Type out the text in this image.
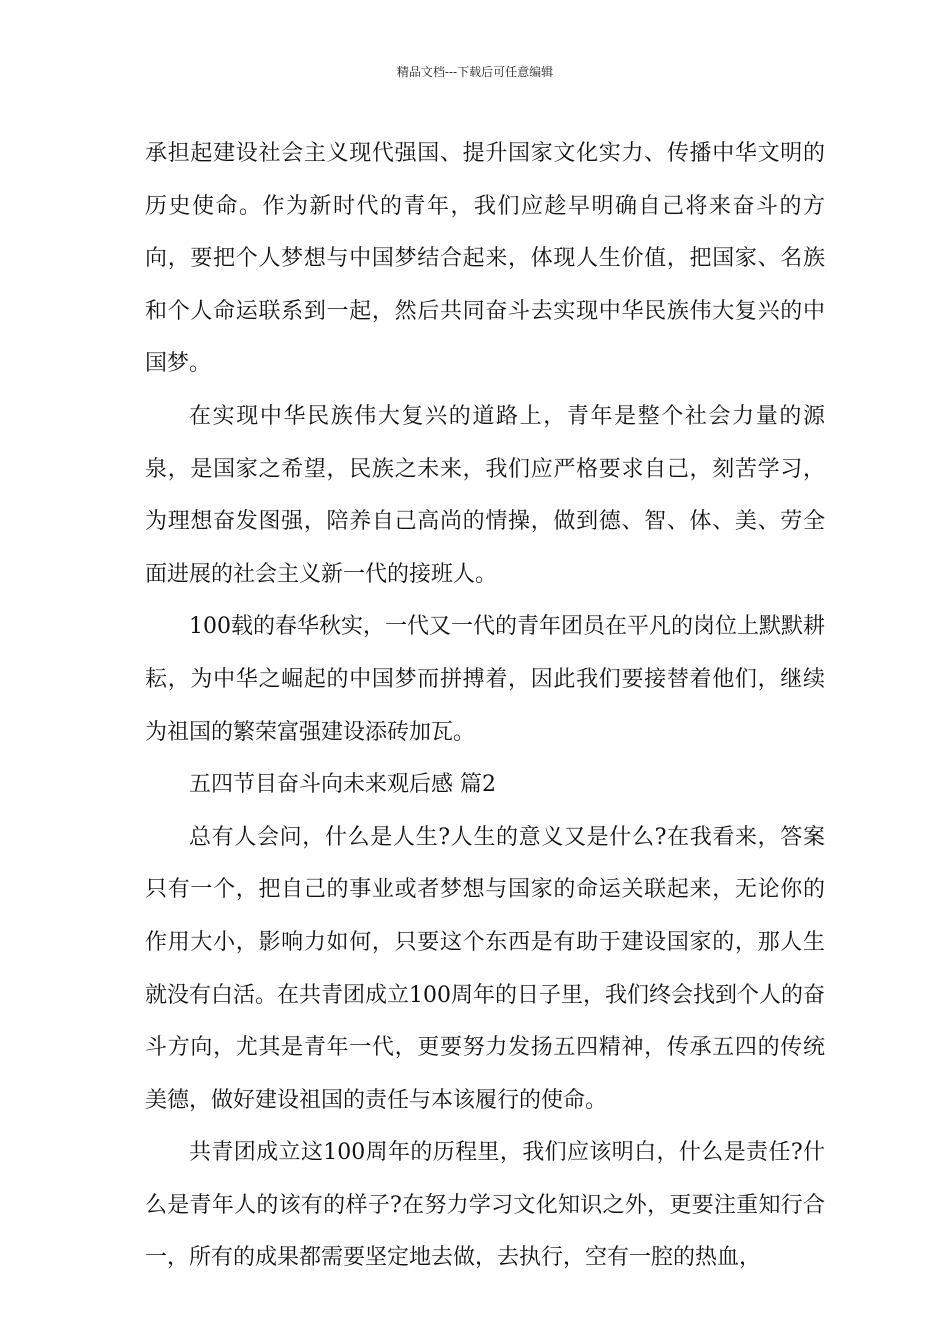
精品文档---下载后可任意编辑

承担起建设社会主义现代强国、提升国家文化实力、传播中华文明的历史使命。作为新时代的青年，我们应趁早明确自己将来奋斗的方向，要把个人梦想与中国梦结合起来，体现人生价值，把国家、名族和个人命运联系到一起，然后共同奋斗去实现中华民族伟大复兴的中国梦。

在实现中华民族伟大复兴的道路上，青年是整个社会力量的源泉，是国家之希望，民族之未来，我们应严格要求自己，刻苦学习，为理想奋发图强，陪养自己高尚的情操，做到德、智、体、美、劳全面进展的社会主义新一代的接班人。

100载的春华秋实，一代又一代的青年团员在平凡的岗位上默默耕耘，为中华之崛起的中国梦而拼搏着，因此我们要接替着他们，继续为祖国的繁荣富强建设添砖加瓦。

五四节目奋斗向未来观后感 篇2

总有人会问，什么是人生?人生的意义又是什么?在我看来，答案只有一个，把自己的事业或者梦想与国家的命运关联起来，无论你的作用大小，影响力如何，只要这个东西是有助于建设国家的，那人生就没有白活。在共青团成立100周年的日子里，我们终会找到个人的奋斗方向，尤其是青年一代，更要努力发扬五四精神，传承五四的传统美德，做好建设祖国的责任与本该履行的使命。

共青团成立这100周年的历程里，我们应该明白，什么是责任?什么是青年人的该有的样子?在努力学习文化知识之外，更要注重知行合一，所有的成果都需要坚定地去做，去执行，空有一腔的热血，
